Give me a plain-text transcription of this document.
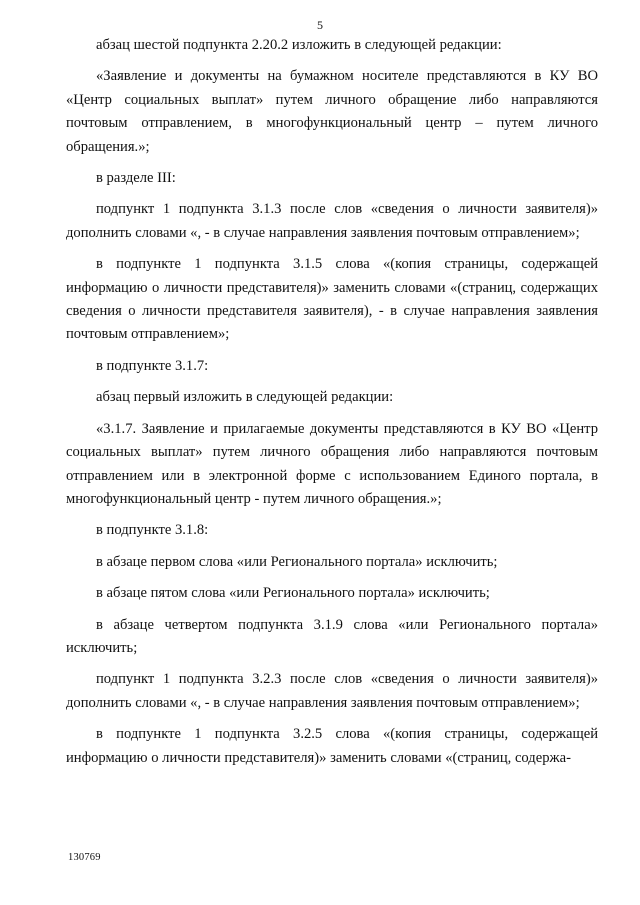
5

абзац шестой подпункта 2.20.2 изложить в следующей редакции:

«Заявление и документы на бумажном носителе представляются в КУ ВО «Центр социальных выплат» путем личного обращение либо направляются почтовым отправлением, в многофункциональный центр – путем личного обращения.»;

в разделе III:

подпункт 1 подпункта 3.1.3 после слов «сведения о личности заявителя)» дополнить словами «, - в случае направления заявления почтовым отправлением»;

в подпункте 1 подпункта 3.1.5 слова «(копия страницы, содержащей информацию о личности представителя)» заменить словами «(страниц, содержащих сведения о личности представителя заявителя), - в случае направления заявления почтовым отправлением»;

в подпункте 3.1.7:

абзац первый изложить в следующей редакции:

«3.1.7. Заявление и прилагаемые документы представляются в КУ ВО «Центр социальных выплат» путем личного обращения либо направляются почтовым отправлением или в электронной форме с использованием Единого портала, в многофункциональный центр - путем личного обращения.»;

в подпункте 3.1.8:

в абзаце первом слова «или Регионального портала» исключить;

в абзаце пятом слова «или Регионального портала» исключить;

в абзаце четвертом подпункта 3.1.9 слова «или Регионального портала» исключить;

подпункт 1 подпункта 3.2.3 после слов «сведения о личности заявителя)» дополнить словами «, - в случае направления заявления почтовым отправлением»;

в подпункте 1 подпункта 3.2.5 слова «(копия страницы, содержащей информацию о личности представителя)» заменить словами «(страниц, содержа-

130769
